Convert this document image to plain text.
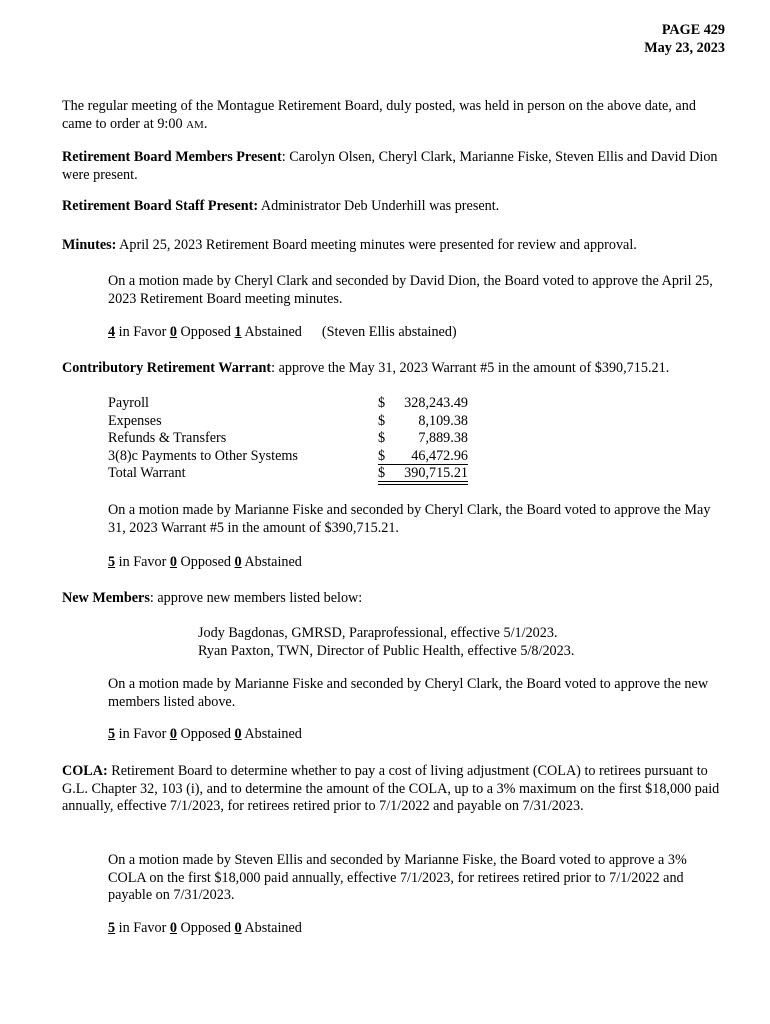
PAGE 429
May 23, 2023

The regular meeting of the Montague Retirement Board, duly posted, was held in person on the above date, and came to order at 9:00 AM.

Retirement Board Members Present: Carolyn Olsen, Cheryl Clark, Marianne Fiske, Steven Ellis and David Dion were present.

Retirement Board Staff Present: Administrator Deb Underhill was present.

Minutes: April 25, 2023 Retirement Board meeting minutes were presented for review and approval.

On a motion made by Cheryl Clark and seconded by David Dion, the Board voted to approve the April 25, 2023 Retirement Board meeting minutes.

4 in Favor 0 Opposed 1 Abstained (Steven Ellis abstained)

Contributory Retirement Warrant: approve the May 31, 2023 Warrant #5 in the amount of $390,715.21.

Payroll	$	328,243.49
Expenses	$	8,109.38
Refunds & Transfers	$	7,889.38
3(8)c Payments to Other Systems	$	46,472.96
Total Warrant	$	390,715.21

On a motion made by Marianne Fiske and seconded by Cheryl Clark, the Board voted to approve the May 31, 2023 Warrant #5 in the amount of $390,715.21.

5 in Favor 0 Opposed 0 Abstained

New Members: approve new members listed below:

Jody Bagdonas, GMRSD, Paraprofessional, effective 5/1/2023.
Ryan Paxton, TWN, Director of Public Health, effective 5/8/2023.

On a motion made by Marianne Fiske and seconded by Cheryl Clark, the Board voted to approve the new members listed above.

5 in Favor 0 Opposed 0 Abstained

COLA: Retirement Board to determine whether to pay a cost of living adjustment (COLA) to retirees pursuant to G.L. Chapter 32, 103 (i), and to determine the amount of the COLA, up to a 3% maximum on the first $18,000 paid annually, effective 7/1/2023, for retirees retired prior to 7/1/2022 and payable on 7/31/2023.

On a motion made by Steven Ellis and seconded by Marianne Fiske, the Board voted to approve a 3% COLA on the first $18,000 paid annually, effective 7/1/2023, for retirees retired prior to 7/1/2022 and payable on 7/31/2023.

5 in Favor 0 Opposed 0 Abstained
